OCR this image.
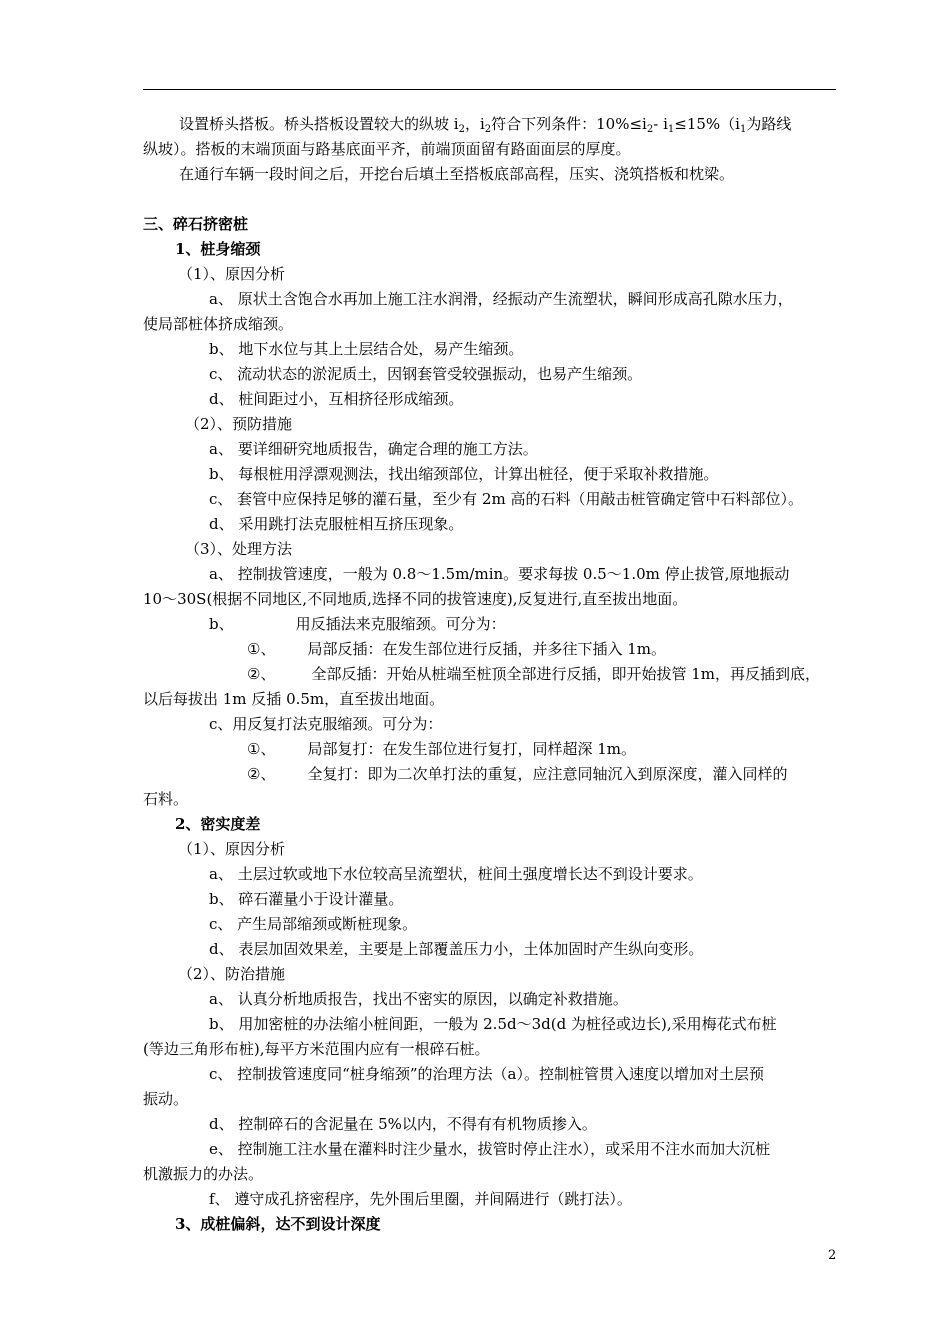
设置桥头搭板。桥头搭板设置较大的纵坡 $i_2$，$i_2$符合下列条件：$10\%\le i_2-$ $i_1\le 15\%(i_1$为路线
纵坡）。搭板的末端顶面与路基底面平齐，前端顶面留有路面面层的厚度。
在通行车辆一段时间之后，开挖台后填土至搭板底部高程，压实、浇筑搭板和枕梁。
三、碎石挤密桩
1、桩身缩颈
（1）、原因分析
a、 原状土含饱合水再加上施工注水润滑，经振动产生流塑状，瞬间形成高孔隙水压力，
使局部桩体挤成缩颈。
b、 地下水位与其上土层结合处，易产生缩颈。
c、 流动状态的淤泥质土，因钢套管受较强振动，也易产生缩颈。
d、 桩间距过小，互相挤径形成缩颈。
（2）、预防措施
a、 要详细研究地质报告，确定合理的施工方法。
b、 每根桩用浮漂观测法，找出缩颈部位，计算出桩径，便于采取补救措施。
c、 套管中应保持足够的灌石量，至少有 2m 高的石料（用敲击桩管确定管中石料部位）。
d、 采用跳打法克服桩相互挤压现象。
（3）、处理方法
a、 控制拔管速度，一般为 0.8～1.5m/min。要求每拔 0.5～1.0m 停止拔管,原地振动
10～30S(根据不同地区,不同地质,选择不同的拔管速度),反复进行,直至拔出地面。
b、	用反插法来克服缩颈。可分为：
①、 局部反插：在发生部位进行反插，并多往下插入 1m。
②、 全部反插：开始从桩端至桩顶全部进行反插，即开始拔管 1m，再反插到底，
以后每拔出 1m 反插 0.5m，直至拔出地面。
c、用反复打法克服缩颈。可分为：
①、 局部复打：在发生部位进行复打，同样超深 1m。
②、 全复打：即为二次单打法的重复，应注意同轴沉入到原深度，灌入同样的
石料。
2、密实度差
（1）、原因分析
a、 土层过软或地下水位较高呈流塑状，桩间土强度增长达不到设计要求。
b、 碎石灌量小于设计灌量。
c、 产生局部缩颈或断桩现象。
d、 表层加固效果差，主要是上部覆盖压力小，土体加固时产生纵向变形。
（2）、防治措施
a、 认真分析地质报告，找出不密实的原因，以确定补救措施。
b、 用加密桩的办法缩小桩间距，一般为 2.5d～3d(d 为桩径或边长),采用梅花式布桩
(等边三角形布桩),每平方米范围内应有一根碎石桩。
c、 控制拔管速度同“桩身缩颈”的治理方法（a）。控制桩管贯入速度以增加对土层预
振动。
d、 控制碎石的含泥量在 5%以内，不得有有机物质掺入。
e、 控制施工注水量在灌料时注少量水，拔管时停止注水），或采用不注水而加大沉桩
机激振力的办法。
f、 遵守成孔挤密程序，先外围后里圈，并间隔进行（跳打法）。
3、成桩偏斜，达不到设计深度
2
